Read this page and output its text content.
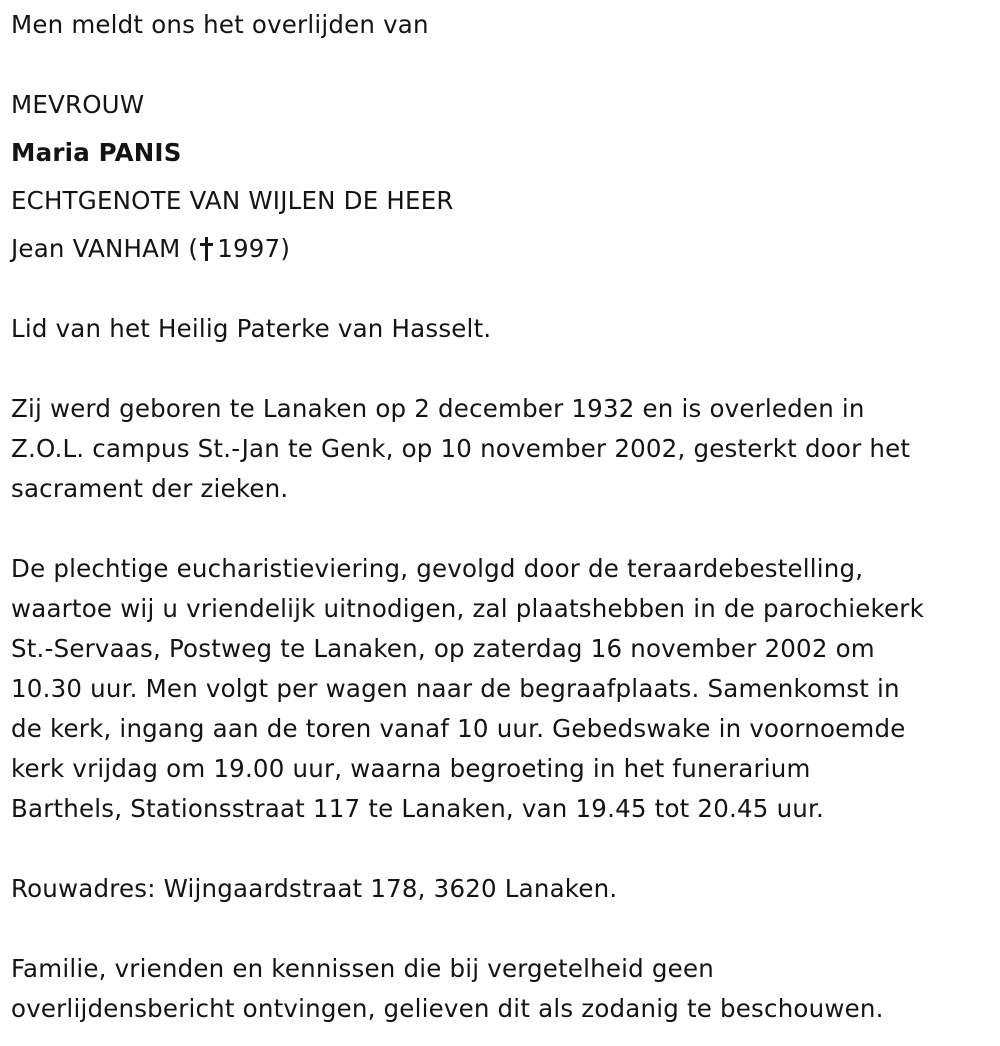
Men meldt ons het overlijden van

MEVROUW

Maria PANIS

ECHTGENOTE VAN WIJLEN DE HEER

Jean VANHAM ( 1997)

Lid van het Heilig Paterke van Hasselt.

Zij werd geboren te Lanaken op 2 december 1932 en is overleden in

Z.O.L. campus St.-Jan te Genk, op 10 november 2002, gesterkt door het

sacrament der zieken.

De plechtige eucharistieviering, gevolgd door de teraardebestelling,

waartoe wij u vriendelijk uitnodigen, zal plaatshebben in de parochiekerk

St.-Servaas, Postweg te Lanaken, op zaterdag 16 november 2002 om

10.30 uur. Men volgt per wagen naar de begraafplaats. Samenkomst in

de kerk, ingang aan de toren vanaf 10 uur. Gebedswake in voornoemde

kerk vrijdag om 19.00 uur, waarna begroeting in het funerarium

Barthels, Stationsstraat 117 te Lanaken, van 19.45 tot 20.45 uur.

Rouwadres: Wijngaardstraat 178, 3620 Lanaken.

Familie, vrienden en kennissen die bij vergetelheid geen

overlijdensbericht ontvingen, gelieven dit als zodanig te beschouwen.
